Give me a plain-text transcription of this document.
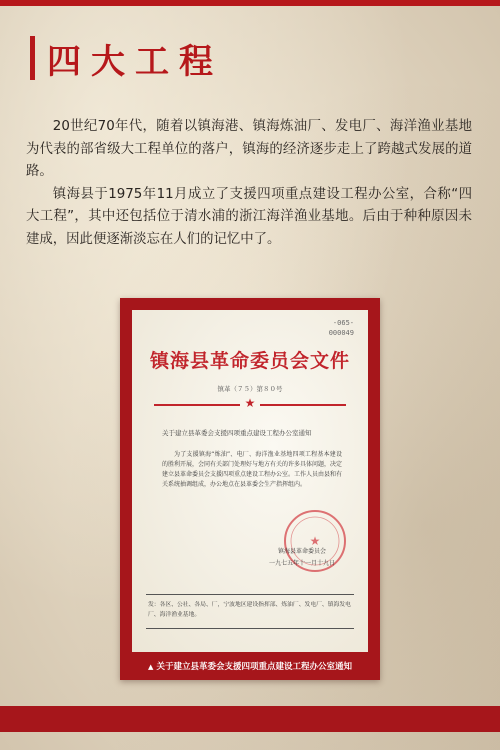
四大工程

20世纪70年代，随着以镇海港、镇海炼油厂、发电厂、海洋渔业基地为代表的部省级大工程单位的落户，镇海的经济逐步走上了跨越式发展的道路。

镇海县于1975年11月成立了支援四项重点建设工程办公室，合称“四大工程”，其中还包括位于清水浦的浙江海洋渔业基地。后由于种种原因未建成，因此便逐渐淡忘在人们的记忆中了。

-065-
000049
镇海县革命委员会文件
镇革（７５）第８０号
★
关于建立县革委会支援四项重点建设工程办公室通知

为了支援镇海“炼油”、电厂、海洋渔业基地四项工程基本建设的胜利开展，会同有关部门处理好与地方有关的许多具体问题，决定建立县革命委员会支援四项重点建设工程办公室。工作人员由县和有关系统抽调组成，办公地点在县革委会生产指挥组内。

★
镇海县革命委员会
一九七五年十一月十九日
发：各区、公社、各局、厂，宁波地区建设指挥部、炼油厂、发电厂、镇海发电厂、海洋渔业基地。
▲ 关于建立县革委会支援四项重点建设工程办公室通知
